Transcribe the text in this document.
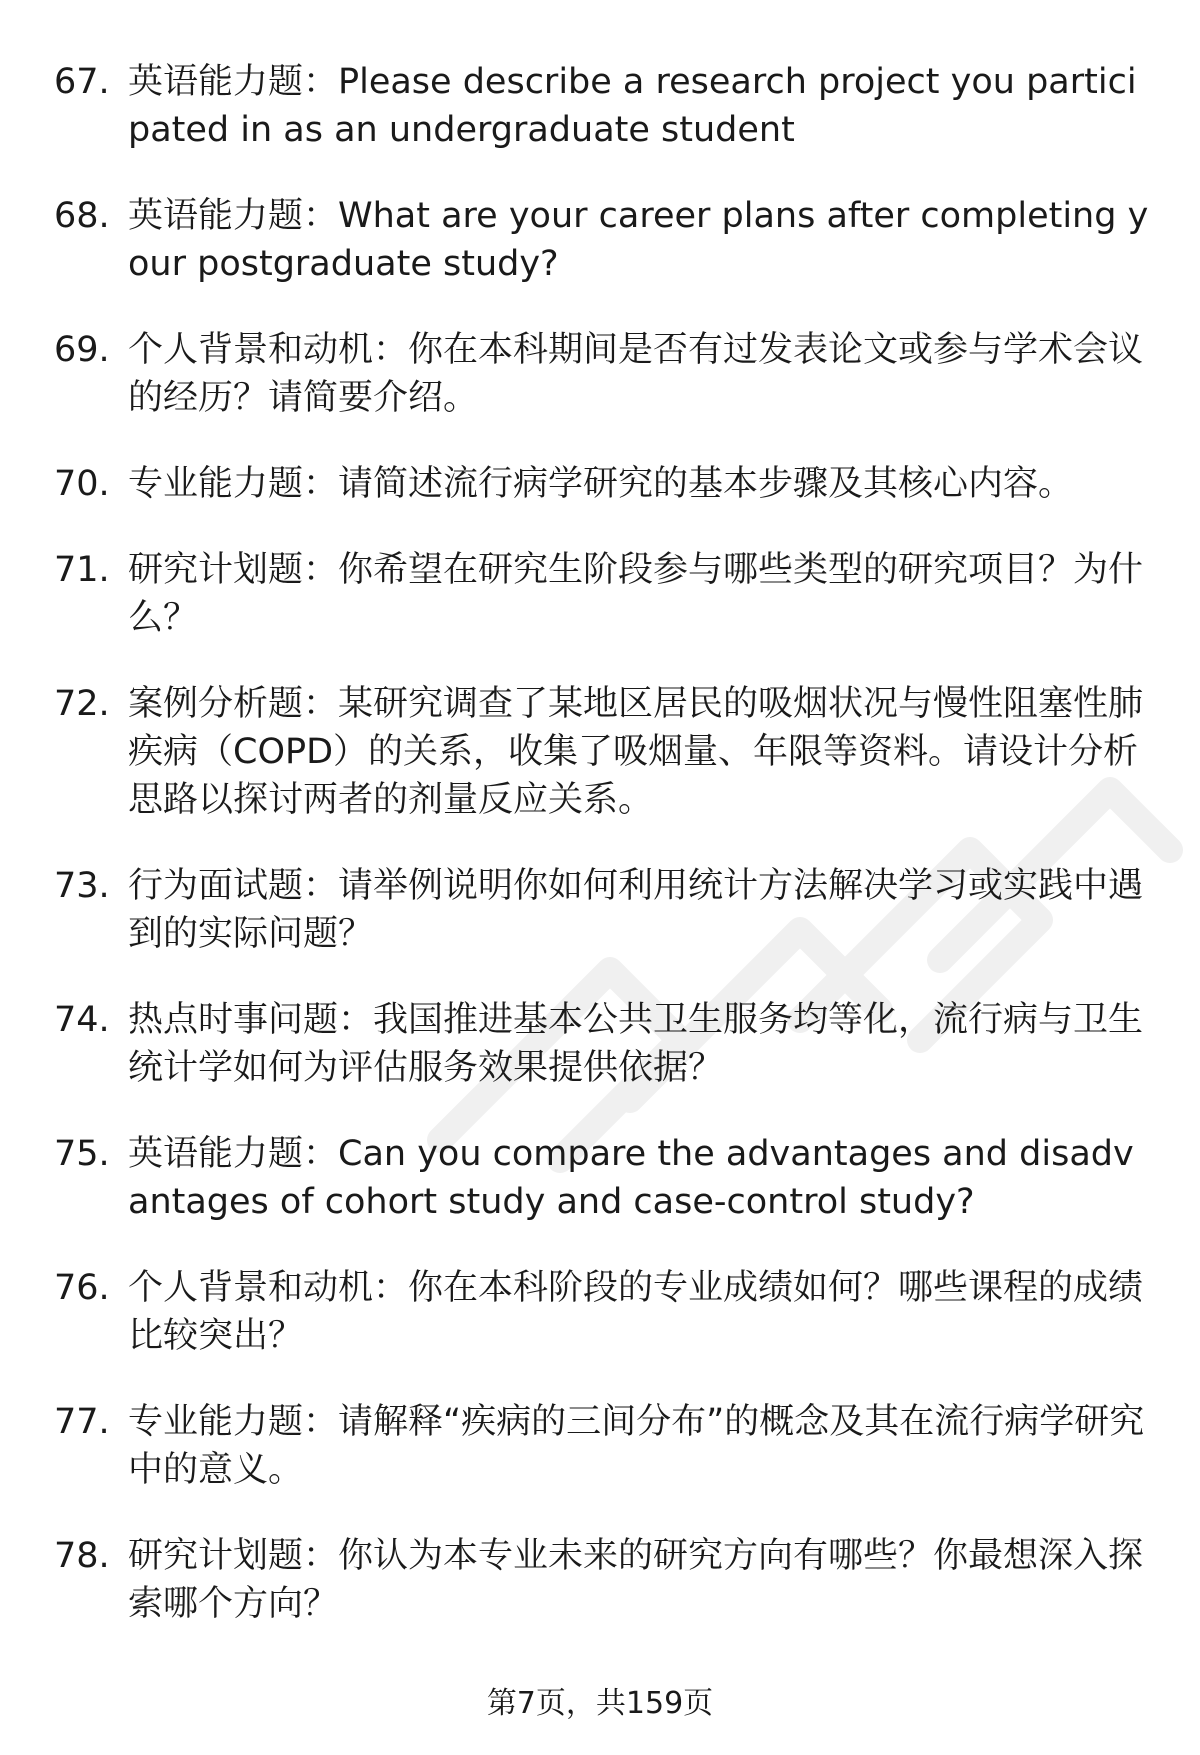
67. 英语能力题：Please describe a research project you participated in as an undergraduate student
68. 英语能力题：What are your career plans after completing your postgraduate study?
69. 个人背景和动机：你在本科期间是否有过发表论文或参与学术会议的经历？请简要介绍。
70. 专业能力题：请简述流行病学研究的基本步骤及其核心内容。
71. 研究计划题：你希望在研究生阶段参与哪些类型的研究项目？为什么？
72. 案例分析题：某研究调查了某地区居民的吸烟状况与慢性阻塞性肺疾病（COPD）的关系，收集了吸烟量、年限等资料。请设计分析思路以探讨两者的剂量反应关系。
73. 行为面试题：请举例说明你如何利用统计方法解决学习或实践中遇到的实际问题？
74. 热点时事问题：我国推进基本公共卫生服务均等化，流行病与卫生统计学如何为评估服务效果提供依据？
75. 英语能力题：Can you compare the advantages and disadvantages of cohort study and case-control study?
76. 个人背景和动机：你在本科阶段的专业成绩如何？哪些课程的成绩比较突出？
77. 专业能力题：请解释“疾病的三间分布”的概念及其在流行病学研究中的意义。
78. 研究计划题：你认为本专业未来的研究方向有哪些？你最想深入探索哪个方向？
第7页，共159页
